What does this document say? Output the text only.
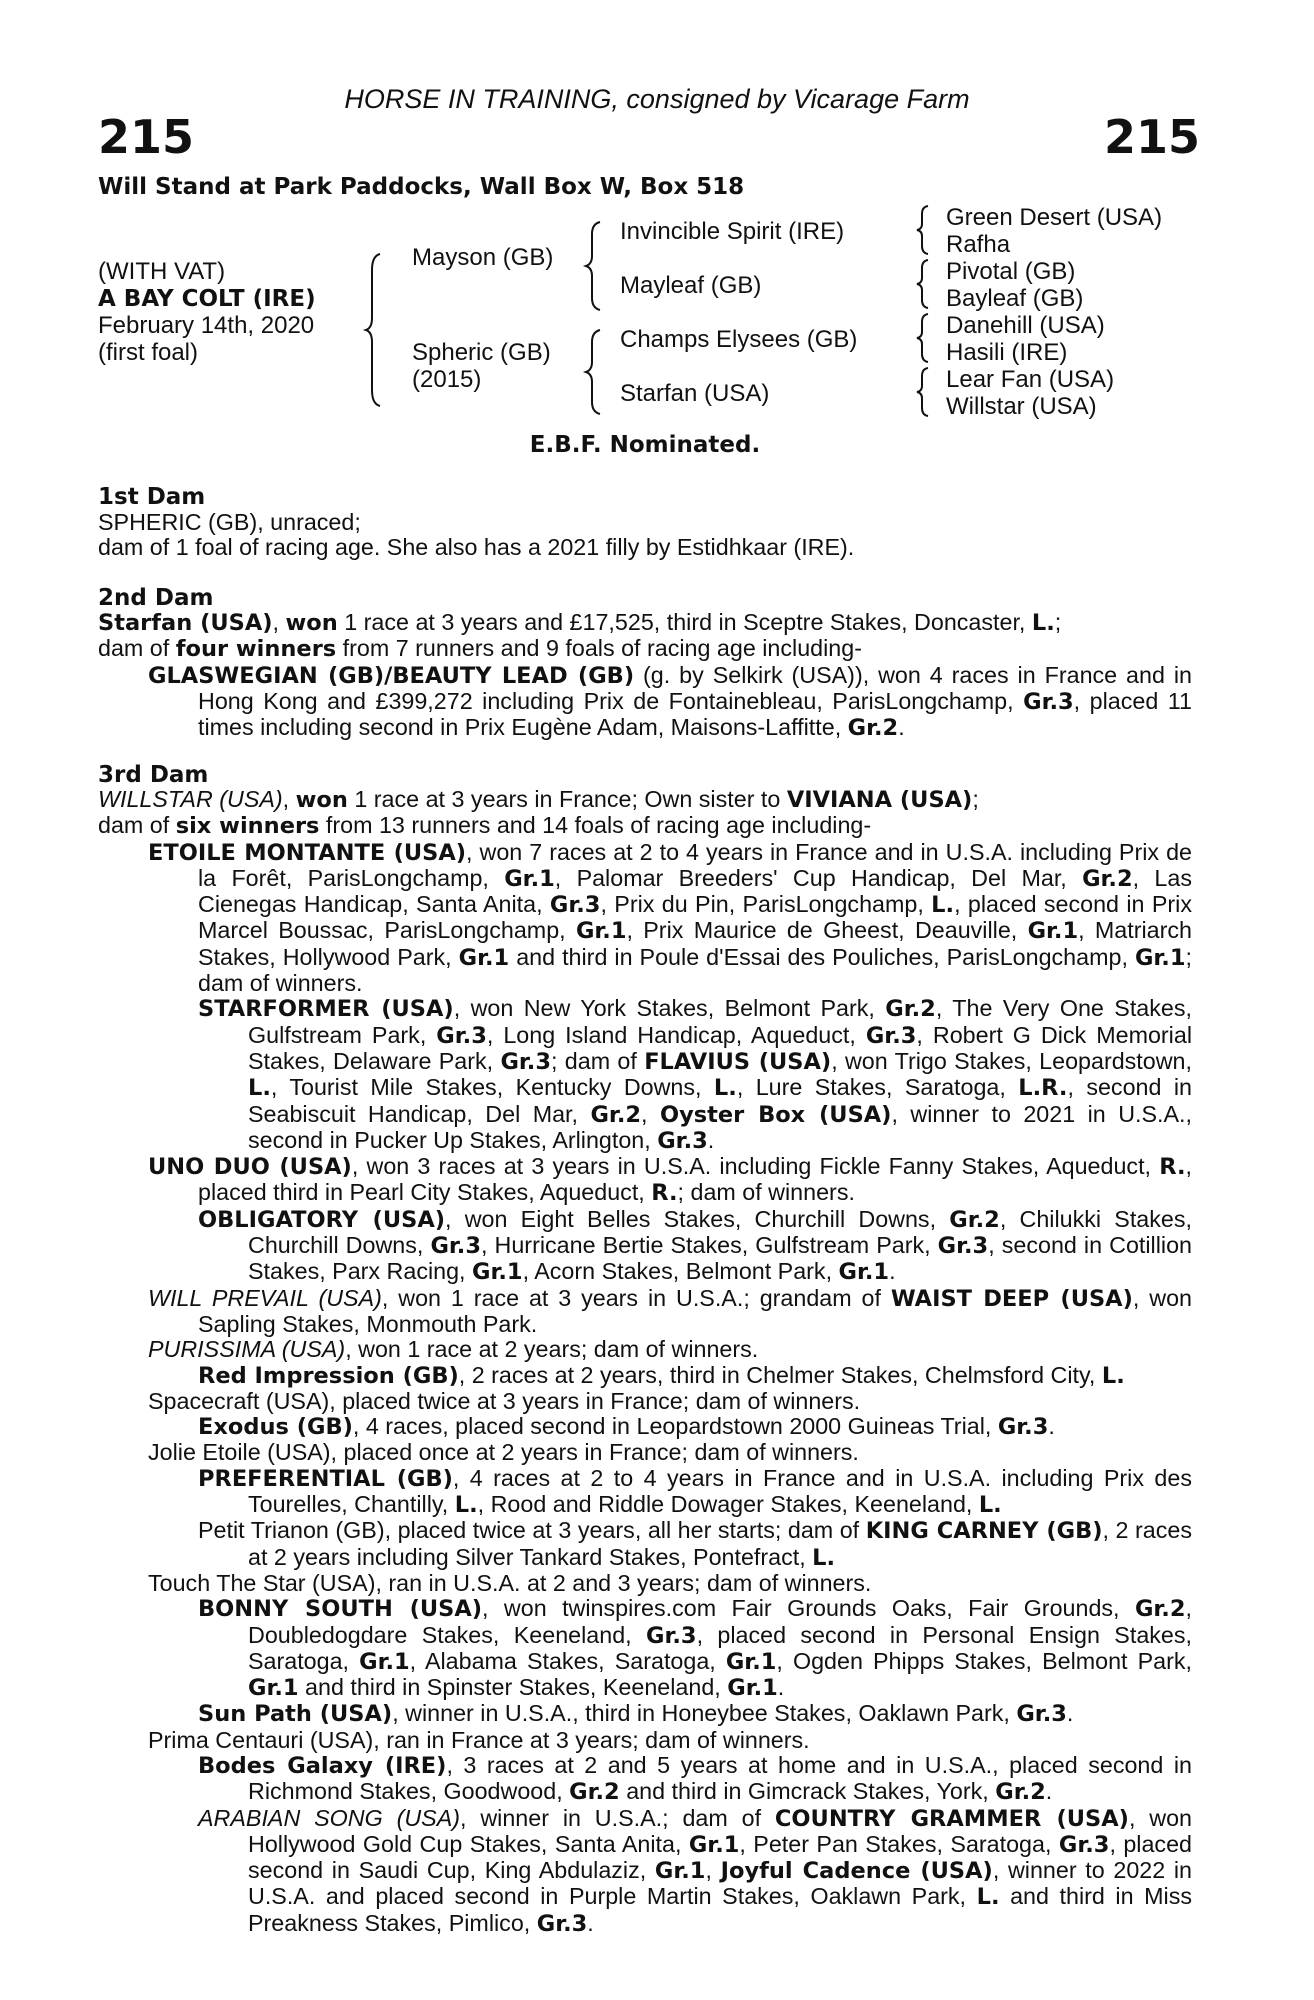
HORSE IN TRAINING, consigned by Vicarage Farm
215	215
Will Stand at Park Paddocks, Wall Box W, Box 518
(WITH VAT)
A BAY COLT (IRE)
February 14th, 2020
(first foal)
Mayson (GB)
Spheric (GB)
(2015)
Invincible Spirit (IRE)
Mayleaf (GB)
Champs Elysees (GB)
Starfan (USA)
Green Desert (USA)
Rafha
Pivotal (GB)
Bayleaf (GB)
Danehill (USA)
Hasili (IRE)
Lear Fan (USA)
Willstar (USA)
E.B.F. Nominated.
1st Dam
SPHERIC (GB), unraced;
dam of 1 foal of racing age. She also has a 2021 filly by Estidhkaar (IRE).
2nd Dam
Starfan (USA), won 1 race at 3 years and £17,525, third in Sceptre Stakes, Doncaster, L.;
dam of four winners from 7 runners and 9 foals of racing age including-
GLASWEGIAN (GB)/BEAUTY LEAD (GB) (g. by Selkirk (USA)), won 4 races in France and in Hong Kong and £399,272 including Prix de Fontainebleau, ParisLongchamp, Gr.3, placed 11 times including second in Prix Eugène Adam, Maisons-Laffitte, Gr.2.
3rd Dam
WILLSTAR (USA), won 1 race at 3 years in France; Own sister to VIVIANA (USA);
dam of six winners from 13 runners and 14 foals of racing age including-
ETOILE MONTANTE (USA), won 7 races at 2 to 4 years in France and in U.S.A. including Prix de la Forêt, ParisLongchamp, Gr.1, Palomar Breeders' Cup Handicap, Del Mar, Gr.2, Las Cienegas Handicap, Santa Anita, Gr.3, Prix du Pin, ParisLongchamp, L., placed second in Prix Marcel Boussac, ParisLongchamp, Gr.1, Prix Maurice de Gheest, Deauville, Gr.1, Matriarch Stakes, Hollywood Park, Gr.1 and third in Poule d'Essai des Pouliches, ParisLongchamp, Gr.1; dam of winners.
STARFORMER (USA), won New York Stakes, Belmont Park, Gr.2, The Very One Stakes, Gulfstream Park, Gr.3, Long Island Handicap, Aqueduct, Gr.3, Robert G Dick Memorial Stakes, Delaware Park, Gr.3; dam of FLAVIUS (USA), won Trigo Stakes, Leopardstown, L., Tourist Mile Stakes, Kentucky Downs, L., Lure Stakes, Saratoga, L.R., second in Seabiscuit Handicap, Del Mar, Gr.2, Oyster Box (USA), winner to 2021 in U.S.A., second in Pucker Up Stakes, Arlington, Gr.3.
UNO DUO (USA), won 3 races at 3 years in U.S.A. including Fickle Fanny Stakes, Aqueduct, R., placed third in Pearl City Stakes, Aqueduct, R.; dam of winners.
OBLIGATORY (USA), won Eight Belles Stakes, Churchill Downs, Gr.2, Chilukki Stakes, Churchill Downs, Gr.3, Hurricane Bertie Stakes, Gulfstream Park, Gr.3, second in Cotillion Stakes, Parx Racing, Gr.1, Acorn Stakes, Belmont Park, Gr.1.
WILL PREVAIL (USA), won 1 race at 3 years in U.S.A.; grandam of WAIST DEEP (USA), won Sapling Stakes, Monmouth Park.
PURISSIMA (USA), won 1 race at 2 years; dam of winners.
Red Impression (GB), 2 races at 2 years, third in Chelmer Stakes, Chelmsford City, L.
Spacecraft (USA), placed twice at 3 years in France; dam of winners.
Exodus (GB), 4 races, placed second in Leopardstown 2000 Guineas Trial, Gr.3.
Jolie Etoile (USA), placed once at 2 years in France; dam of winners.
PREFERENTIAL (GB), 4 races at 2 to 4 years in France and in U.S.A. including Prix des Tourelles, Chantilly, L., Rood and Riddle Dowager Stakes, Keeneland, L.
Petit Trianon (GB), placed twice at 3 years, all her starts; dam of KING CARNEY (GB), 2 races at 2 years including Silver Tankard Stakes, Pontefract, L.
Touch The Star (USA), ran in U.S.A. at 2 and 3 years; dam of winners.
BONNY SOUTH (USA), won twinspires.com Fair Grounds Oaks, Fair Grounds, Gr.2, Doubledogdare Stakes, Keeneland, Gr.3, placed second in Personal Ensign Stakes, Saratoga, Gr.1, Alabama Stakes, Saratoga, Gr.1, Ogden Phipps Stakes, Belmont Park, Gr.1 and third in Spinster Stakes, Keeneland, Gr.1.
Sun Path (USA), winner in U.S.A., third in Honeybee Stakes, Oaklawn Park, Gr.3.
Prima Centauri (USA), ran in France at 3 years; dam of winners.
Bodes Galaxy (IRE), 3 races at 2 and 5 years at home and in U.S.A., placed second in Richmond Stakes, Goodwood, Gr.2 and third in Gimcrack Stakes, York, Gr.2.
ARABIAN SONG (USA), winner in U.S.A.; dam of COUNTRY GRAMMER (USA), won Hollywood Gold Cup Stakes, Santa Anita, Gr.1, Peter Pan Stakes, Saratoga, Gr.3, placed second in Saudi Cup, King Abdulaziz, Gr.1, Joyful Cadence (USA), winner to 2022 in U.S.A. and placed second in Purple Martin Stakes, Oaklawn Park, L. and third in Miss Preakness Stakes, Pimlico, Gr.3.
